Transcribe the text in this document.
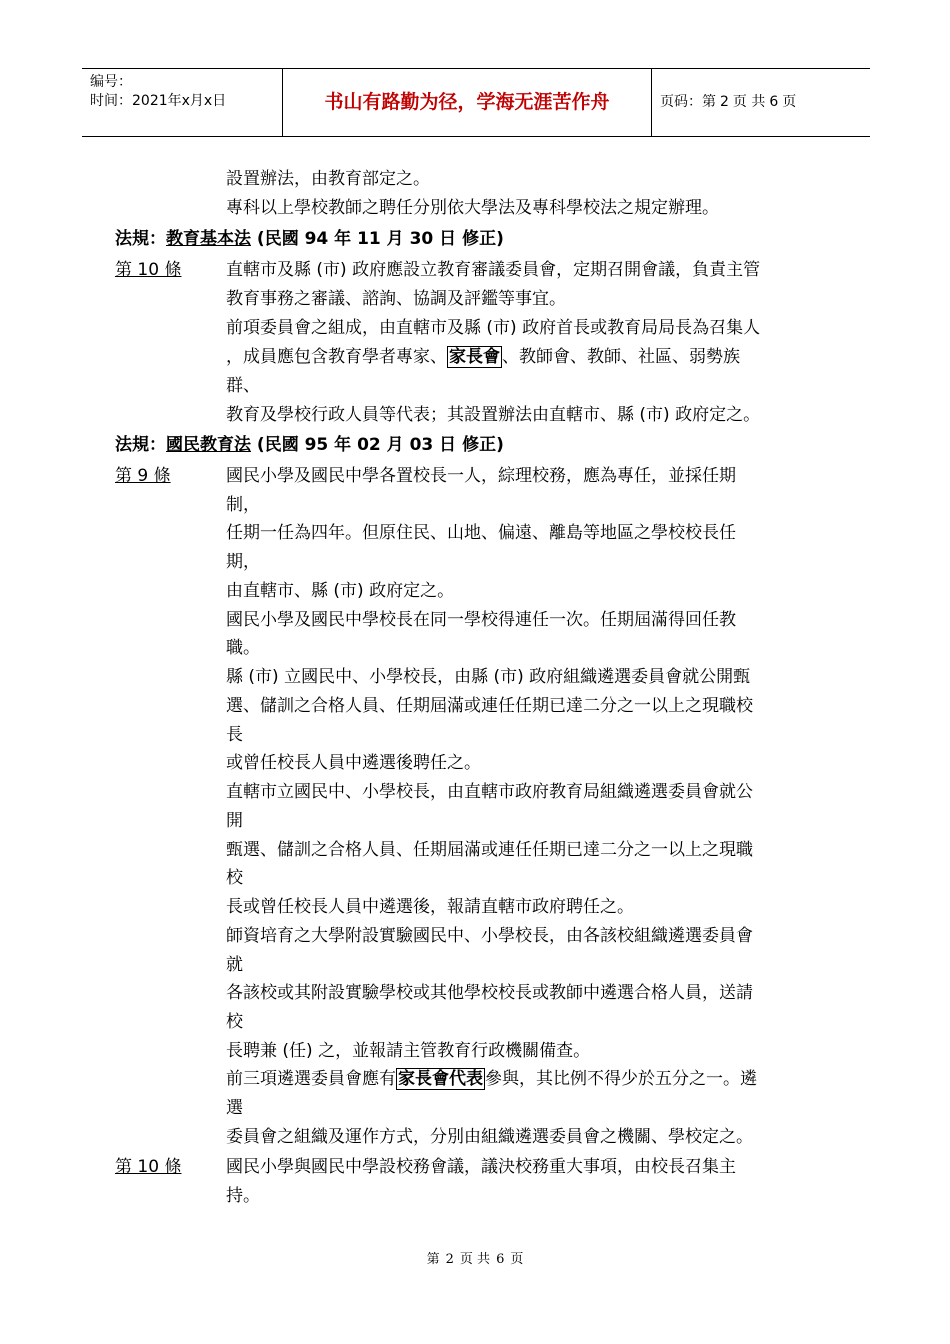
编号：
时间：2021年x月x日	书山有路勤为径，学海无涯苦作舟	页码：第 2 页 共 6 页
設置辦法，由教育部定之。
專科以上學校教師之聘任分別依大學法及專科學校法之規定辦理。
法規：教育基本法 (民國 94 年 11 月 30 日 修正)
第 10 條	直轄市及縣 (市) 政府應設立教育審議委員會，定期召開會議，負責主管
教育事務之審議、諮詢、協調及評鑑等事宜。
前項委員會之組成，由直轄市及縣 (市) 政府首長或教育局局長為召集人
，成員應包含教育學者專家、 家長會 、教師會、教師、社區、弱勢族
群、
教育及學校行政人員等代表；其設置辦法由直轄市、縣 (市) 政府定之。
法規：國民教育法 (民國 95 年 02 月 03 日 修正)
第 9 條	國民小學及國民中學各置校長一人，綜理校務，應為專任，並採任期
制，
任期一任為四年。但原住民、山地、偏遠、離島等地區之學校校長任
期，
由直轄市、縣 (市) 政府定之。
國民小學及國民中學校長在同一學校得連任一次。任期屆滿得回任教
職。
縣 (市) 立國民中、小學校長，由縣 (市) 政府組織遴選委員會就公開甄
選、儲訓之合格人員、任期屆滿或連任任期已達二分之一以上之現職校
長
或曾任校長人員中遴選後聘任之。
直轄市立國民中、小學校長，由直轄市政府教育局組織遴選委員會就公
開
甄選、儲訓之合格人員、任期屆滿或連任任期已達二分之一以上之現職
校
長或曾任校長人員中遴選後，報請直轄市政府聘任之。
師資培育之大學附設實驗國民中、小學校長，由各該校組織遴選委員會
就
各該校或其附設實驗學校或其他學校校長或教師中遴選合格人員，送請
校
長聘兼 (任) 之，並報請主管教育行政機關備查。
前三項遴選委員會應有 家長會代表 參與，其比例不得少於五分之一。遴
選
委員會之組織及運作方式，分別由組織遴選委員會之機關、學校定之。
第 10 條	國民小學與國民中學設校務會議，議決校務重大事項，由校長召集主
持。
第 2 页 共 6 页
